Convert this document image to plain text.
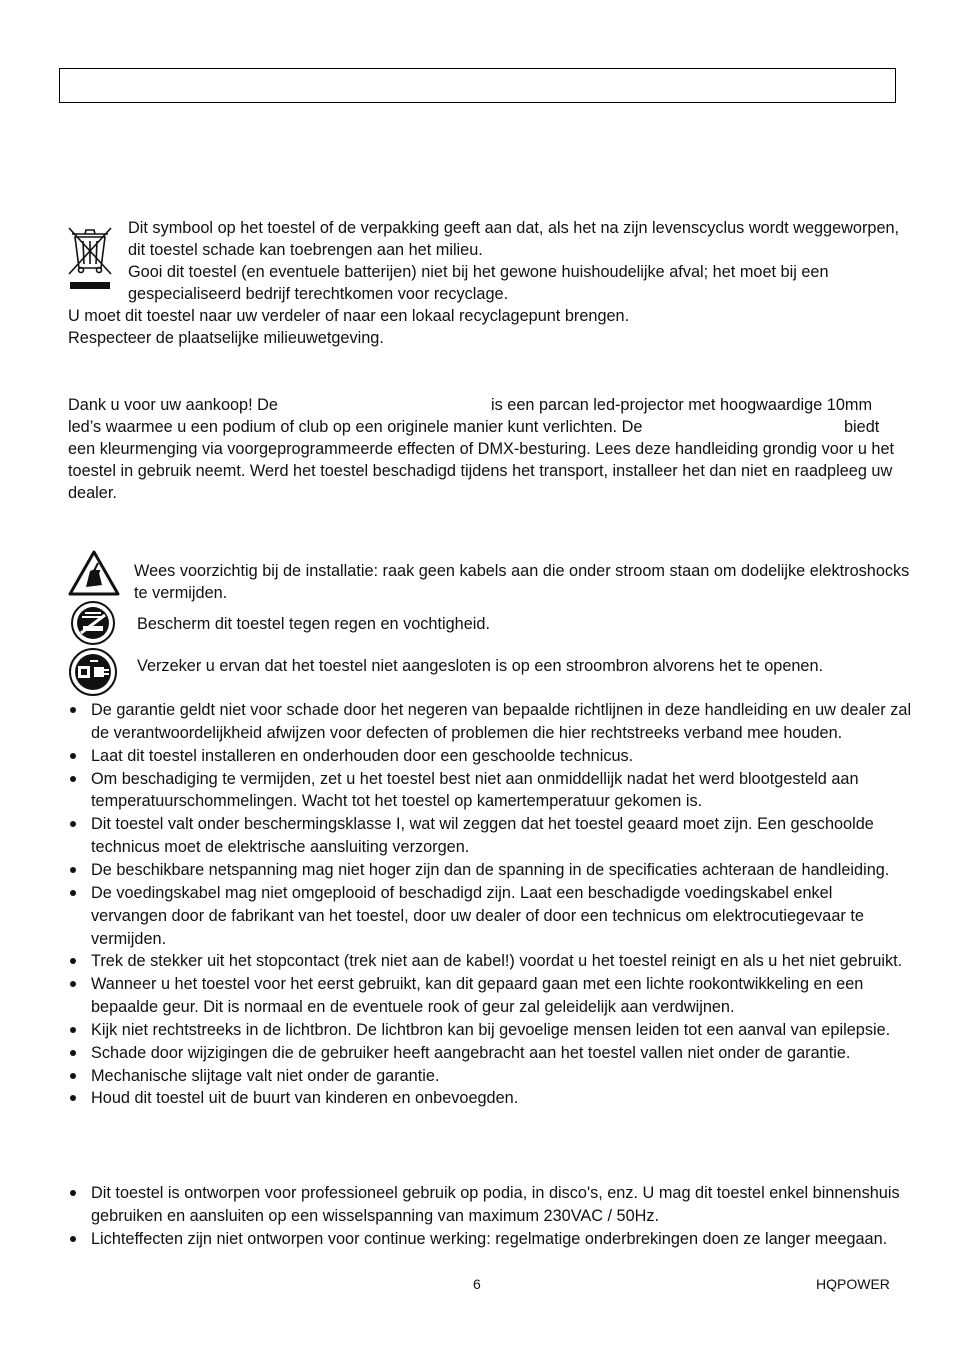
Dit symbool op het toestel of de verpakking geeft aan dat, als het na zijn levenscyclus wordt weggeworpen,
dit toestel schade kan toebrengen aan het milieu.
Gooi dit toestel (en eventuele batterijen) niet bij het gewone huishoudelijke afval; het moet bij een
gespecialiseerd bedrijf terechtkomen voor recyclage.
U moet dit toestel naar uw verdeler of naar een lokaal recyclagepunt brengen.
Respecteer de plaatselijke milieuwetgeving.
Dank u voor uw aankoop! De	is een parcan led-projector met hoogwaardige 10mm
led’s waarmee u een podium of club op een originele manier kunt verlichten. De	biedt
een kleurmenging via voorgeprogrammeerde effecten of DMX-besturing. Lees deze handleiding grondig voor u het
toestel in gebruik neemt. Werd het toestel beschadigd tijdens het transport, installeer het dan niet en raadpleeg uw
dealer.
Wees voorzichtig bij de installatie: raak geen kabels aan die onder stroom staan om dodelijke elektroshocks
te vermijden.
Bescherm dit toestel tegen regen en vochtigheid.
Verzeker u ervan dat het toestel niet aangesloten is op een stroombron alvorens het te openen.
De garantie geldt niet voor schade door het negeren van bepaalde richtlijnen in deze handleiding en uw dealer zal
de verantwoordelijkheid afwijzen voor defecten of problemen die hier rechtstreeks verband mee houden.
Laat dit toestel installeren en onderhouden door een geschoolde technicus.
Om beschadiging te vermijden, zet u het toestel best niet aan onmiddellijk nadat het werd blootgesteld aan
temperatuurschommelingen. Wacht tot het toestel op kamertemperatuur gekomen is.
Dit toestel valt onder beschermingsklasse I, wat wil zeggen dat het toestel geaard moet zijn. Een geschoolde
technicus moet de elektrische aansluiting verzorgen.
De beschikbare netspanning mag niet hoger zijn dan de spanning in de specificaties achteraan de handleiding.
De voedingskabel mag niet omgeplooid of beschadigd zijn. Laat een beschadigde voedingskabel enkel
vervangen door de fabrikant van het toestel, door uw dealer of door een technicus om elektrocutiegevaar te
vermijden.
Trek de stekker uit het stopcontact (trek niet aan de kabel!) voordat u het toestel reinigt en als u het niet gebruikt.
Wanneer u het toestel voor het eerst gebruikt, kan dit gepaard gaan met een lichte rookontwikkeling en een
bepaalde geur. Dit is normaal en de eventuele rook of geur zal geleidelijk aan verdwijnen.
Kijk niet rechtstreeks in de lichtbron. De lichtbron kan bij gevoelige mensen leiden tot een aanval van epilepsie.
Schade door wijzigingen die de gebruiker heeft aangebracht aan het toestel vallen niet onder de garantie.
Mechanische slijtage valt niet onder de garantie.
Houd dit toestel uit de buurt van kinderen en onbevoegden.
Dit toestel is ontworpen voor professioneel gebruik op podia, in disco's, enz. U mag dit toestel enkel binnenshuis
gebruiken en aansluiten op een wisselspanning van maximum 230VAC / 50Hz.
Lichteffecten zijn niet ontworpen voor continue werking: regelmatige onderbrekingen doen ze langer meegaan.
6	HQPOWER
